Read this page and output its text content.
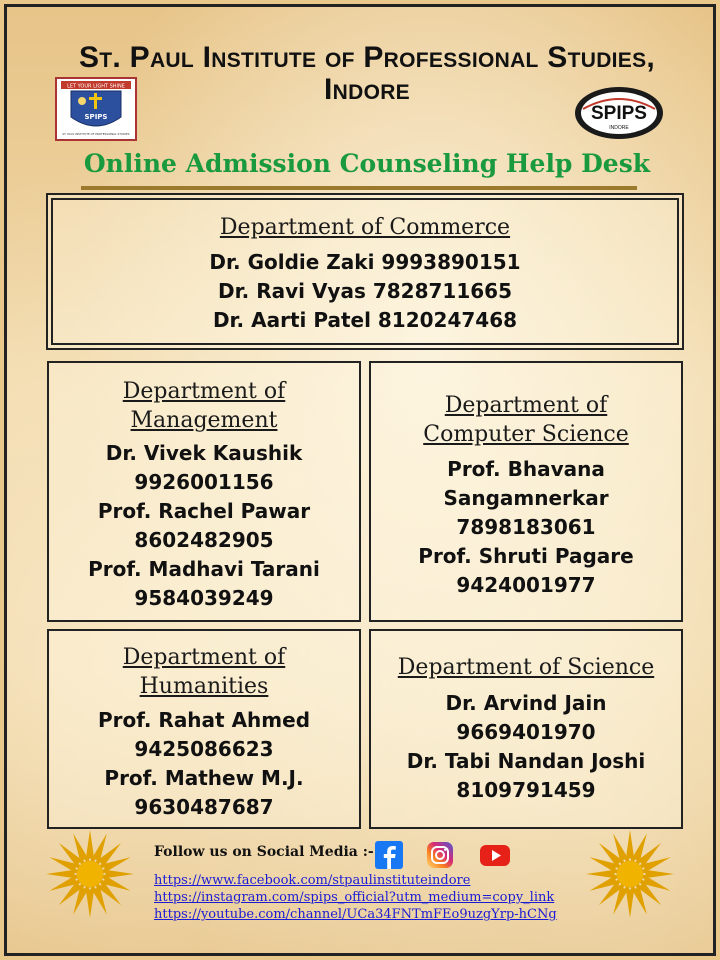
St. Paul Institute of Professional Studies,
Indore
LET YOUR LIGHT SHINE
SPIPS
ST. PAUL INSTITUTE OF PROFESSIONAL STUDIES
SPIPS
INDORE
Online Admission Counseling Help Desk
Department of Commerce
Dr. Goldie Zaki 9993890151
Dr. Ravi Vyas 7828711665
Dr. Aarti Patel 8120247468
Department of
Management
Dr. Vivek Kaushik
9926001156
Prof. Rachel Pawar
8602482905
Prof. Madhavi Tarani
9584039249
Department of
Computer Science
Prof. Bhavana
Sangamnerkar
7898183061
Prof. Shruti Pagare
9424001977
Department of
Humanities
Prof. Rahat Ahmed
9425086623
Prof. Mathew M.J.
9630487687
Department of Science
Dr. Arvind Jain
9669401970
Dr. Tabi Nandan Joshi
8109791459
Follow us on Social Media :-
https://www.facebook.com/stpaulinstituteindore
https://instagram.com/spips_official?utm_medium=copy_link
https://youtube.com/channel/UCa34FNTmFEo9uzgYrp-hCNg
